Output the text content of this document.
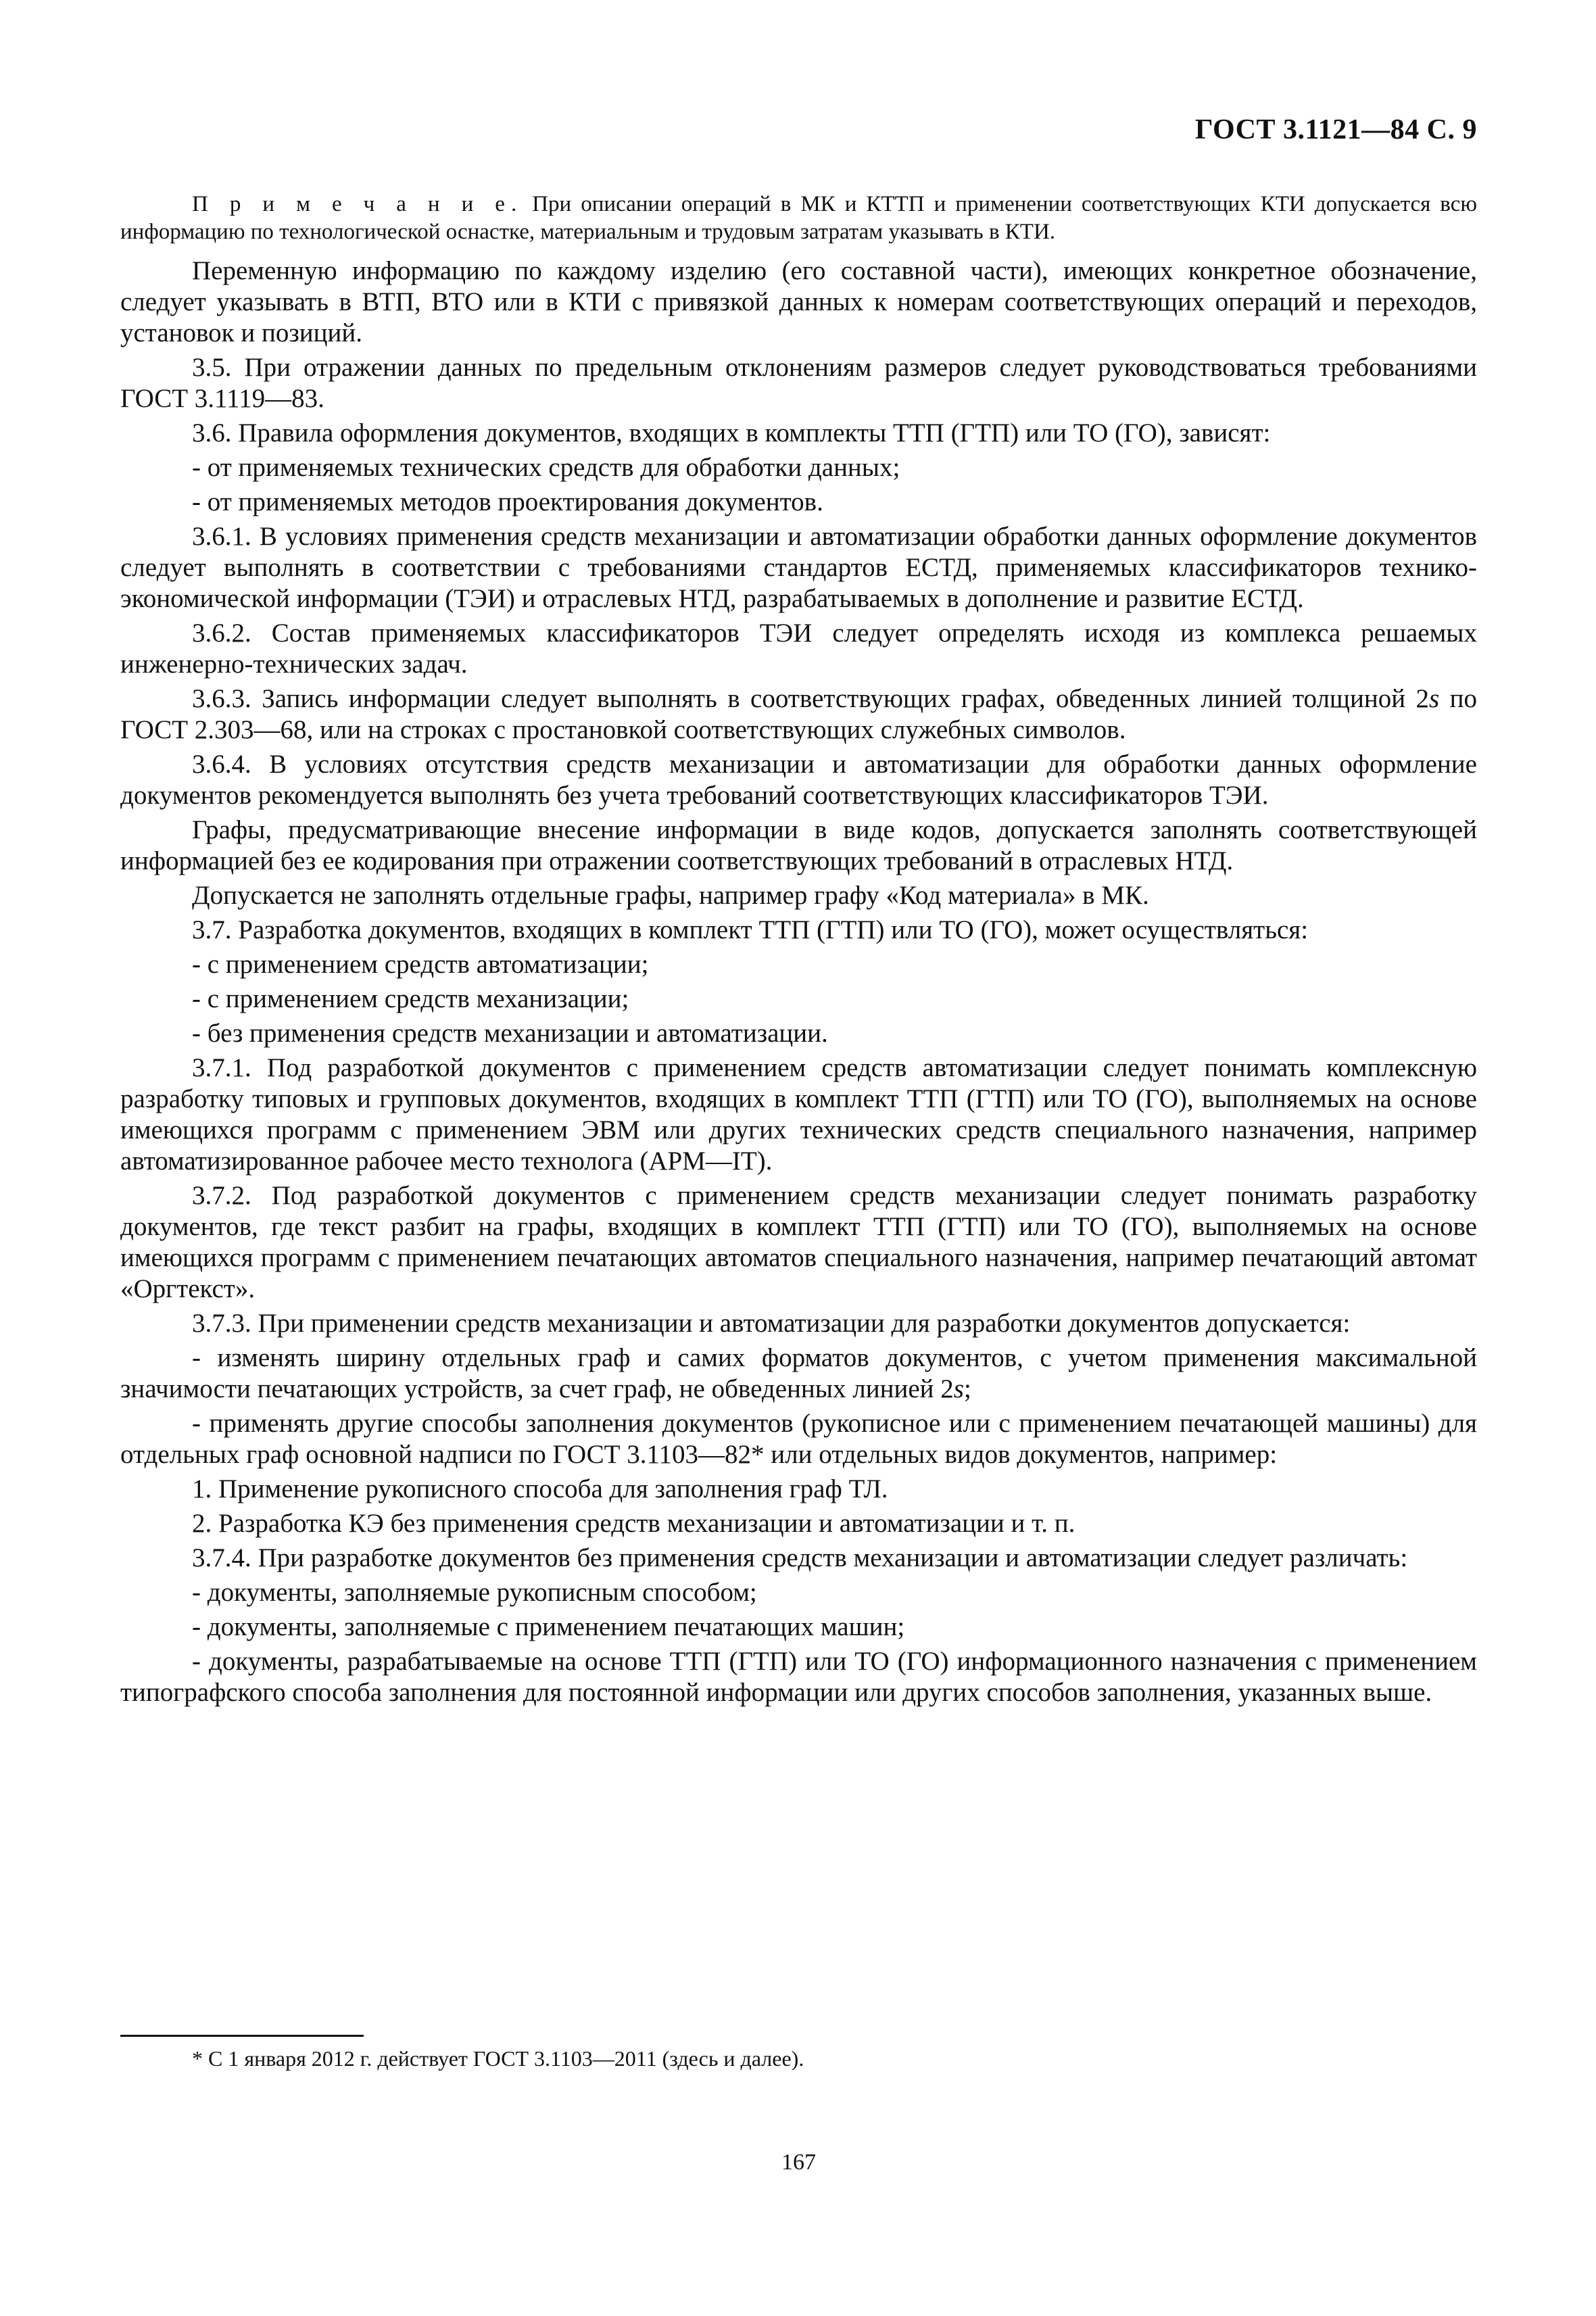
ГОСТ 3.1121—84 С. 9

П р и м е ч а н и е. При описании операций в МК и КТТП и применении соответствующих КТИ допускается всю информацию по технологической оснастке, материальным и трудовым затратам указывать в КТИ.

Переменную информацию по каждому изделию (его составной части), имеющих конкретное обозначение, следует указывать в ВТП, ВТО или в КТИ с привязкой данных к номерам соответствующих операций и переходов, установок и позиций.

3.5. При отражении данных по предельным отклонениям размеров следует руководствоваться требованиями ГОСТ 3.1119—83.

3.6. Правила оформления документов, входящих в комплекты ТТП (ГТП) или ТО (ГО), зависят:

- от применяемых технических средств для обработки данных;

- от применяемых методов проектирования документов.

3.6.1. В условиях применения средств механизации и автоматизации обработки данных оформление документов следует выполнять в соответствии с требованиями стандартов ЕСТД, применяемых классификаторов технико-экономической информации (ТЭИ) и отраслевых НТД, разрабатываемых в дополнение и развитие ЕСТД.

3.6.2. Состав применяемых классификаторов ТЭИ следует определять исходя из комплекса решаемых инженерно-технических задач.

3.6.3. Запись информации следует выполнять в соответствующих графах, обведенных линией толщиной 2s по ГОСТ 2.303—68, или на строках с простановкой соответствующих служебных символов.

3.6.4. В условиях отсутствия средств механизации и автоматизации для обработки данных оформление документов рекомендуется выполнять без учета требований соответствующих классификаторов ТЭИ.

Графы, предусматривающие внесение информации в виде кодов, допускается заполнять соответствующей информацией без ее кодирования при отражении соответствующих требований в отраслевых НТД.

Допускается не заполнять отдельные графы, например графу «Код материала» в МК.

3.7. Разработка документов, входящих в комплект ТТП (ГТП) или ТО (ГО), может осуществляться:

- с применением средств автоматизации;

- с применением средств механизации;

- без применения средств механизации и автоматизации.

3.7.1. Под разработкой документов с применением средств автоматизации следует понимать комплексную разработку типовых и групповых документов, входящих в комплект ТТП (ГТП) или ТО (ГО), выполняемых на основе имеющихся программ с применением ЭВМ или других технических средств специального назначения, например автоматизированное рабочее место технолога (АРМ—IТ).

3.7.2. Под разработкой документов с применением средств механизации следует понимать разработку документов, где текст разбит на графы, входящих в комплект ТТП (ГТП) или ТО (ГО), выполняемых на основе имеющихся программ с применением печатающих автоматов специального назначения, например печатающий автомат «Оргтекст».

3.7.3. При применении средств механизации и автоматизации для разработки документов допускается:

- изменять ширину отдельных граф и самих форматов документов, с учетом применения максимальной значимости печатающих устройств, за счет граф, не обведенных линией 2s;

- применять другие способы заполнения документов (рукописное или с применением печатающей машины) для отдельных граф основной надписи по ГОСТ 3.1103—82* или отдельных видов документов, например:

1. Применение рукописного способа для заполнения граф ТЛ.

2. Разработка КЭ без применения средств механизации и автоматизации и т. п.

3.7.4. При разработке документов без применения средств механизации и автоматизации следует различать:

- документы, заполняемые рукописным способом;

- документы, заполняемые с применением печатающих машин;

- документы, разрабатываемые на основе ТТП (ГТП) или ТО (ГО) информационного назначения с применением типографского способа заполнения для постоянной информации или других способов заполнения, указанных выше.

* С 1 января 2012 г. действует ГОСТ 3.1103—2011 (здесь и далее).
167
